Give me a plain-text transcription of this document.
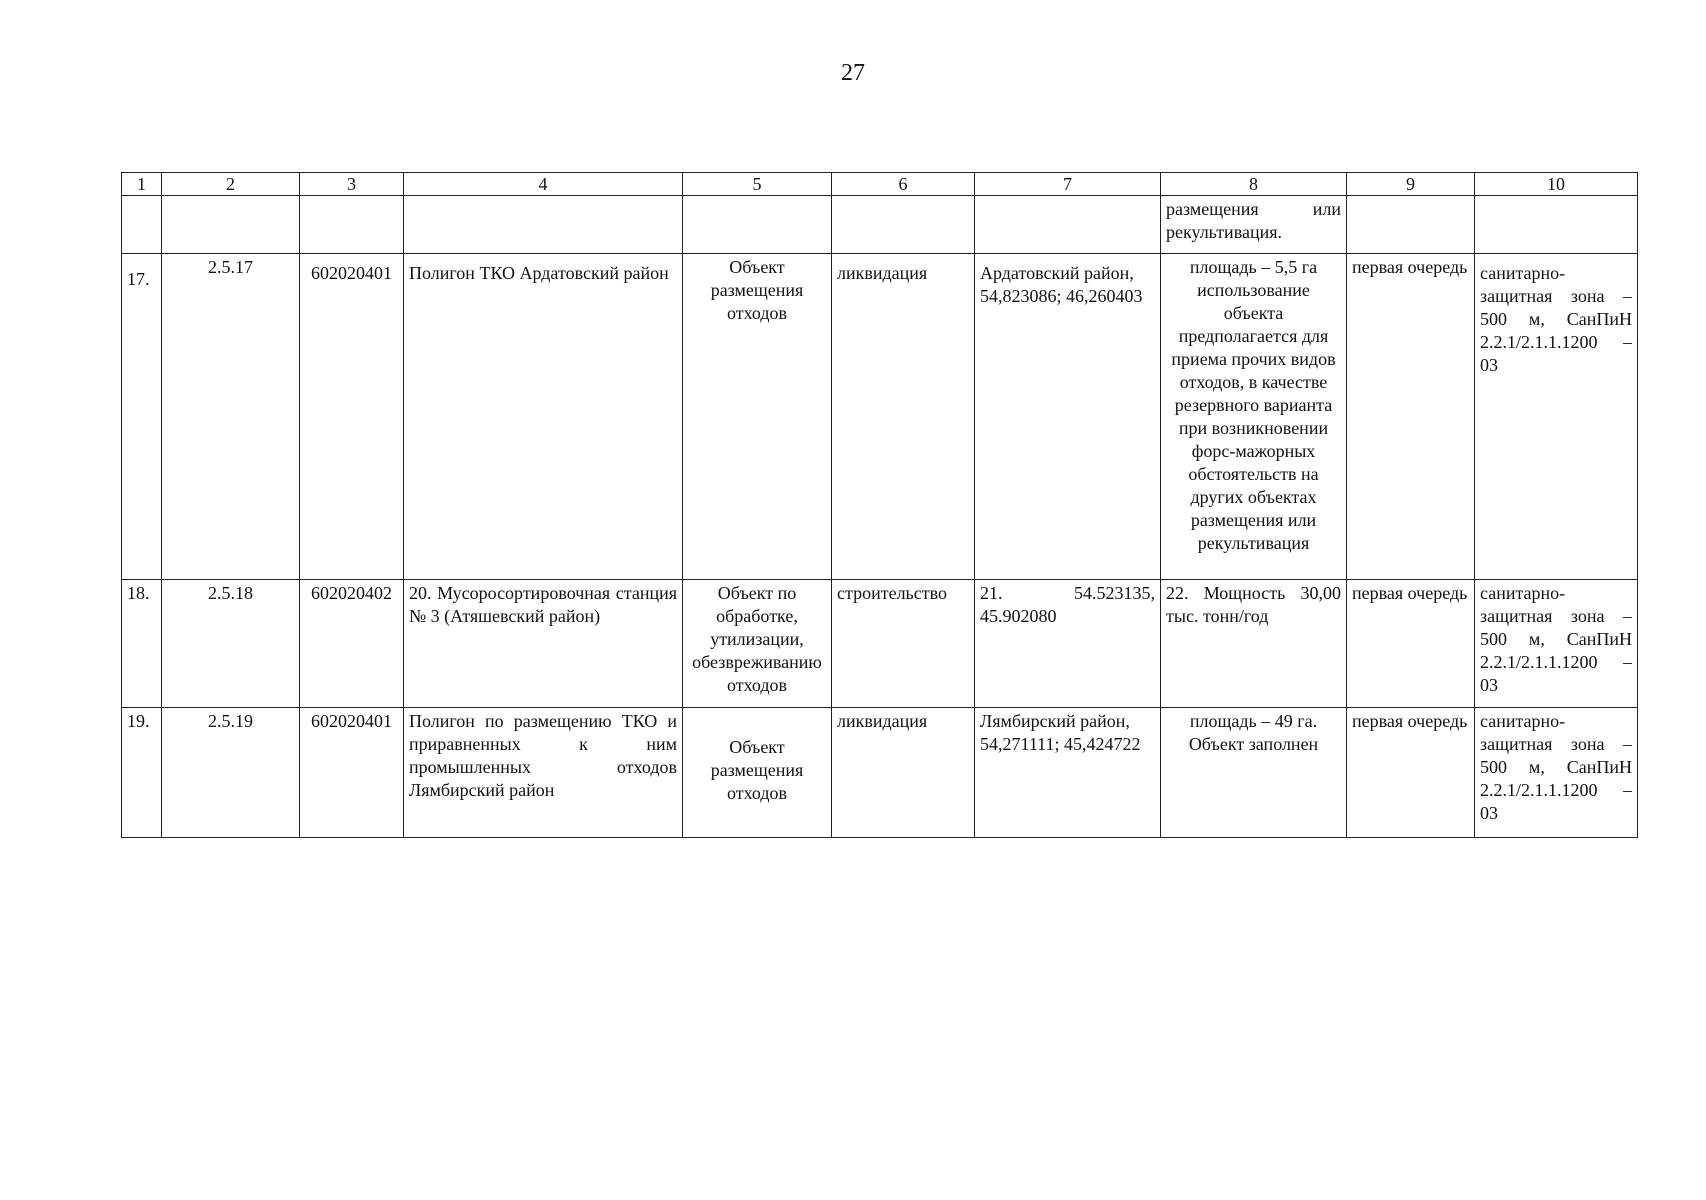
27
1	2	3	4	5	6	7	8	9	10
							размещения или рекультивация.		
17.	2.5.17	602020401	Полигон ТКО Ардатовский район	Объект размещения отходов	ликвидация	Ардатовский район, 54,823086; 46,260403	площадь – 5,5 га использование объекта предполагается для приема прочих видов отходов, в качестве резервного варианта при возникновении форс-мажорных обстоятельств на других объектах размещения или рекультивация	первая очередь	санитарно-защитная зона – 500 м, СанПиН 2.2.1/2.1.1.1200 – 03
18.	2.5.18	602020402	20. Мусоросортировочная станция № 3 (Атяшевский район)	Объект по обработке, утилизации, обезвреживанию отходов	строительство	21. 54.523135, 45.902080	22. Мощность 30,00 тыс. тонн/год	первая очередь	санитарно-защитная зона – 500 м, СанПиН 2.2.1/2.1.1.1200 – 03
19.	2.5.19	602020401	Полигон по размещению ТКО и приравненных к ним промышленных отходов Лямбирский район	Объект размещения отходов	ликвидация	Лямбирский район, 54,271111; 45,424722	площадь – 49 га. Объект заполнен	первая очередь	санитарно-защитная зона – 500 м, СанПиН 2.2.1/2.1.1.1200 – 03
